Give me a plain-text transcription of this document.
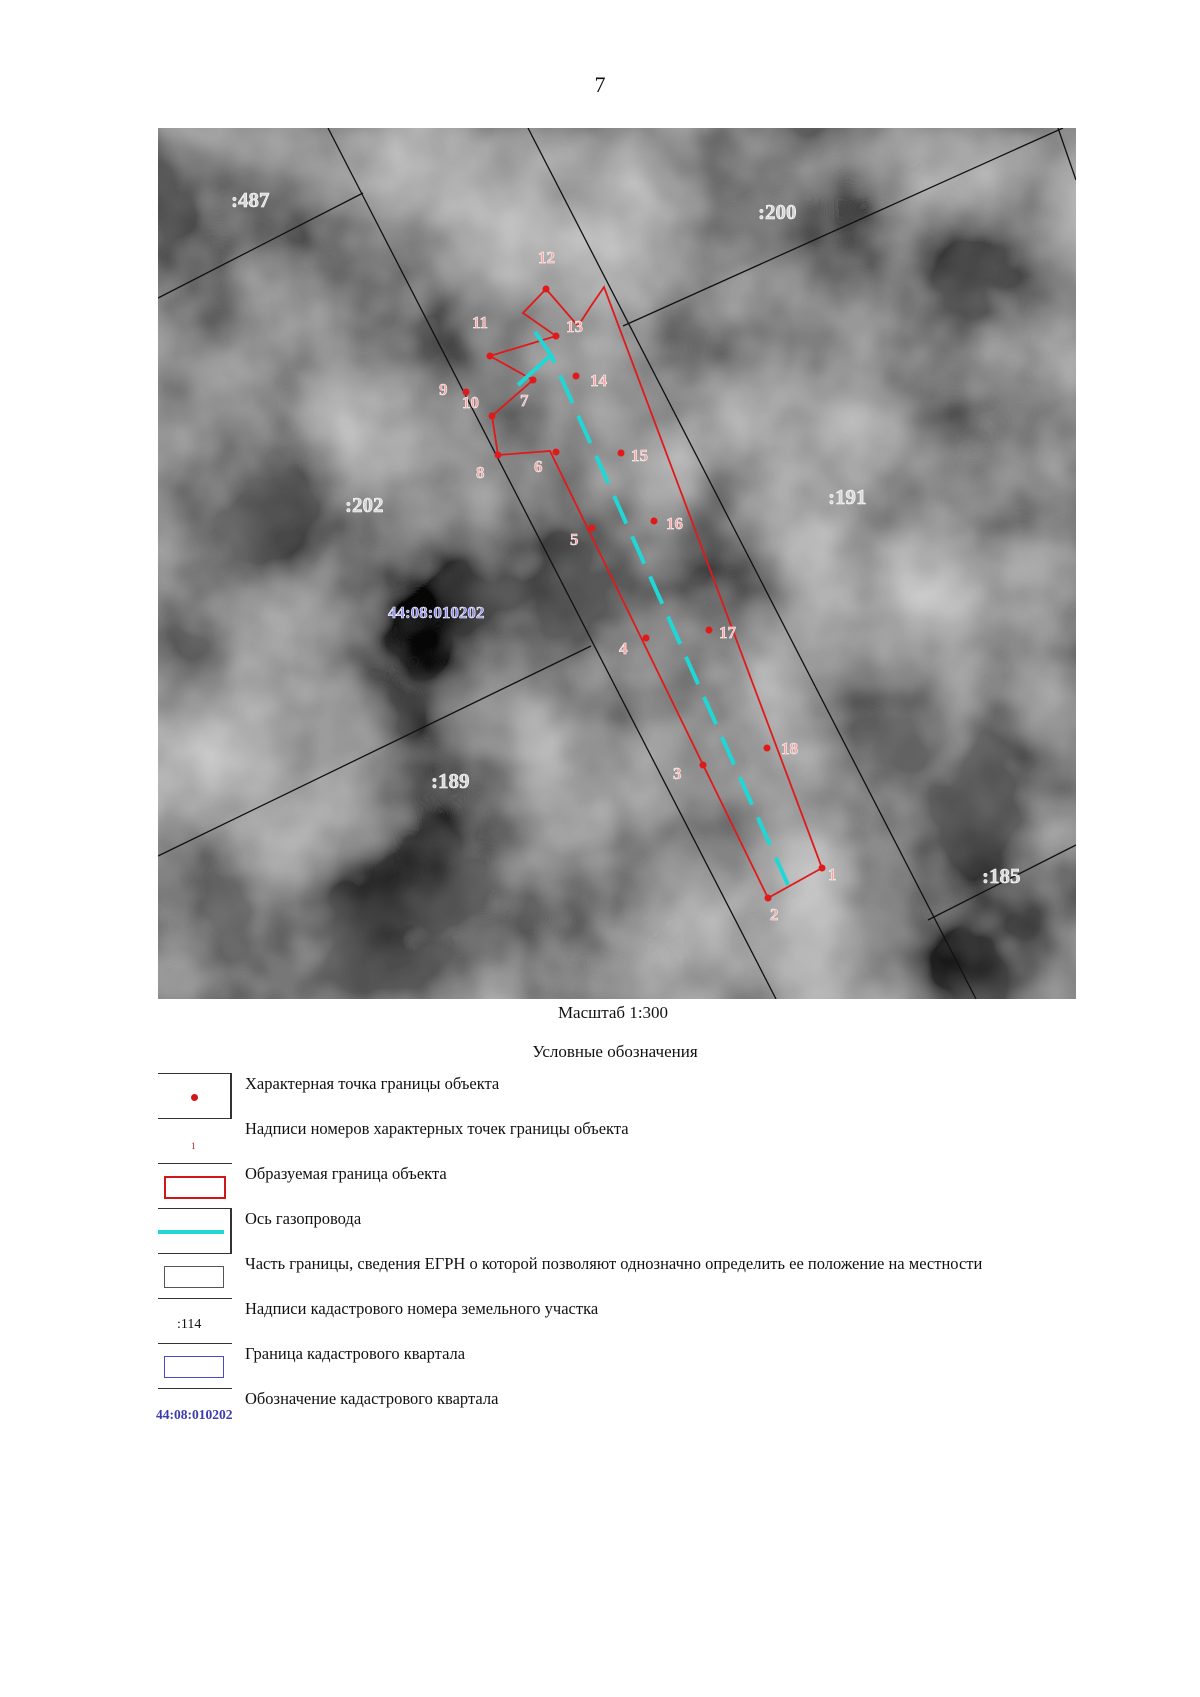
7
:487	:200
:202	:191
:189
:185
44:08:010202
1
2
3
4
5
6
7
8
9
10
11
12
13
14
15
16
17
18
Масштаб 1:300
Условные обозначения
Характерная точка границы объекта
1
Надписи номеров характерных точек границы объекта
Образуемая граница объекта
Ось газопровода
Часть границы, сведения ЕГРН о которой позволяют однозначно определить ее положение на местности
:114
Надписи кадастрового номера земельного участка
Граница кадастрового квартала
44:08:010202
Обозначение кадастрового квартала
